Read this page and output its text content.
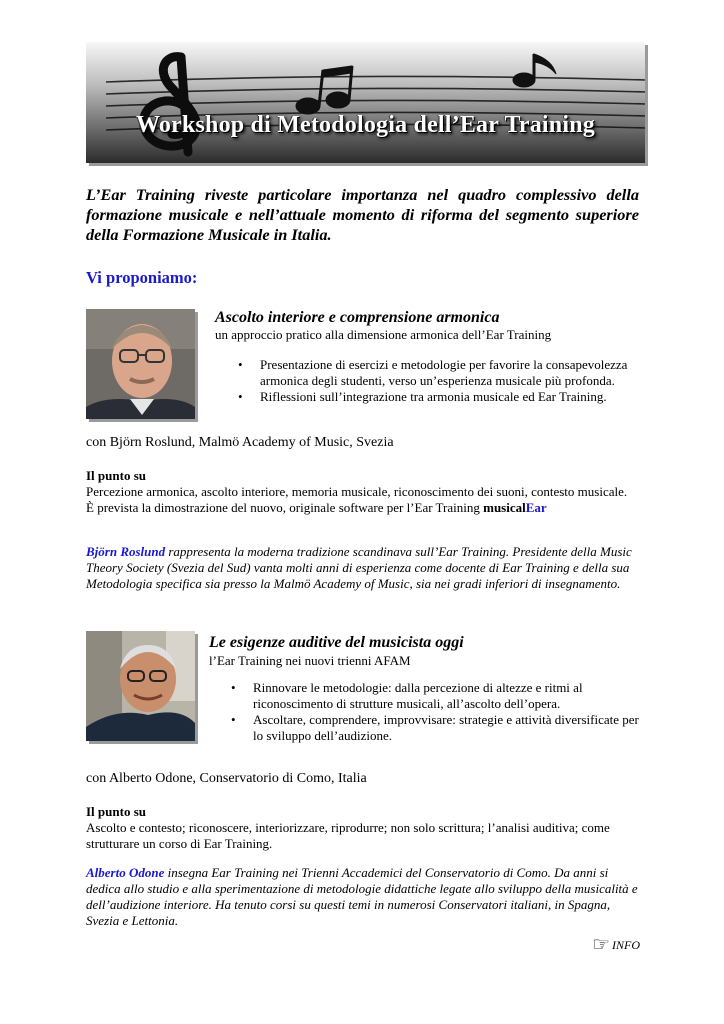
Workshop di Metodologia dell’Ear Training
L’Ear Training riveste particolare importanza nel quadro complessivo della formazione musicale e nell’attuale momento di riforma del segmento superiore della Formazione Musicale in Italia.
Vi proponiamo:
Ascolto interiore e comprensione armonica
un approccio pratico alla dimensione armonica dell’Ear Training
• Presentazione di esercizi e metodologie per favorire la consapevolezza armonica degli studenti, verso un’esperienza musicale più profonda.
• Riflessioni sull’integrazione tra armonia musicale ed Ear Training.
con Björn Roslund, Malmö Academy of Music, Svezia
Il punto su
Percezione armonica, ascolto interiore, memoria musicale, riconoscimento dei suoni, contesto musicale.
È prevista la dimostrazione del nuovo, originale software per l’Ear Training musicalEar
Björn Roslund rappresenta la moderna tradizione scandinava sull’Ear Training. Presidente della Music Theory Society (Svezia del Sud) vanta molti anni di esperienza come docente di Ear Training e della sua Metodologia specifica sia presso la Malmö Academy of Music, sia nei gradi inferiori di insegnamento.
Le esigenze auditive del musicista oggi
l’Ear Training nei nuovi trienni AFAM
• Rinnovare le metodologie: dalla percezione di altezze e ritmi al riconoscimento di strutture musicali, all’ascolto dell’opera.
• Ascoltare, comprendere, improvvisare: strategie e attività diversificate per lo sviluppo dell’audizione.
con Alberto Odone, Conservatorio di Como, Italia
Il punto su
Ascolto e contesto; riconoscere, interiorizzare, riprodurre; non solo scrittura; l’analisi auditiva; come strutturare un corso di Ear Training.
Alberto Odone insegna Ear Training nei Trienni Accademici del Conservatorio di Como. Da anni si dedica allo studio e alla sperimentazione di metodologie didattiche legate allo sviluppo della musicalità e dell’audizione interiore. Ha tenuto corsi su questi temi in numerosi Conservatori italiani, in Spagna, Svezia e Lettonia.
☞ INFO
